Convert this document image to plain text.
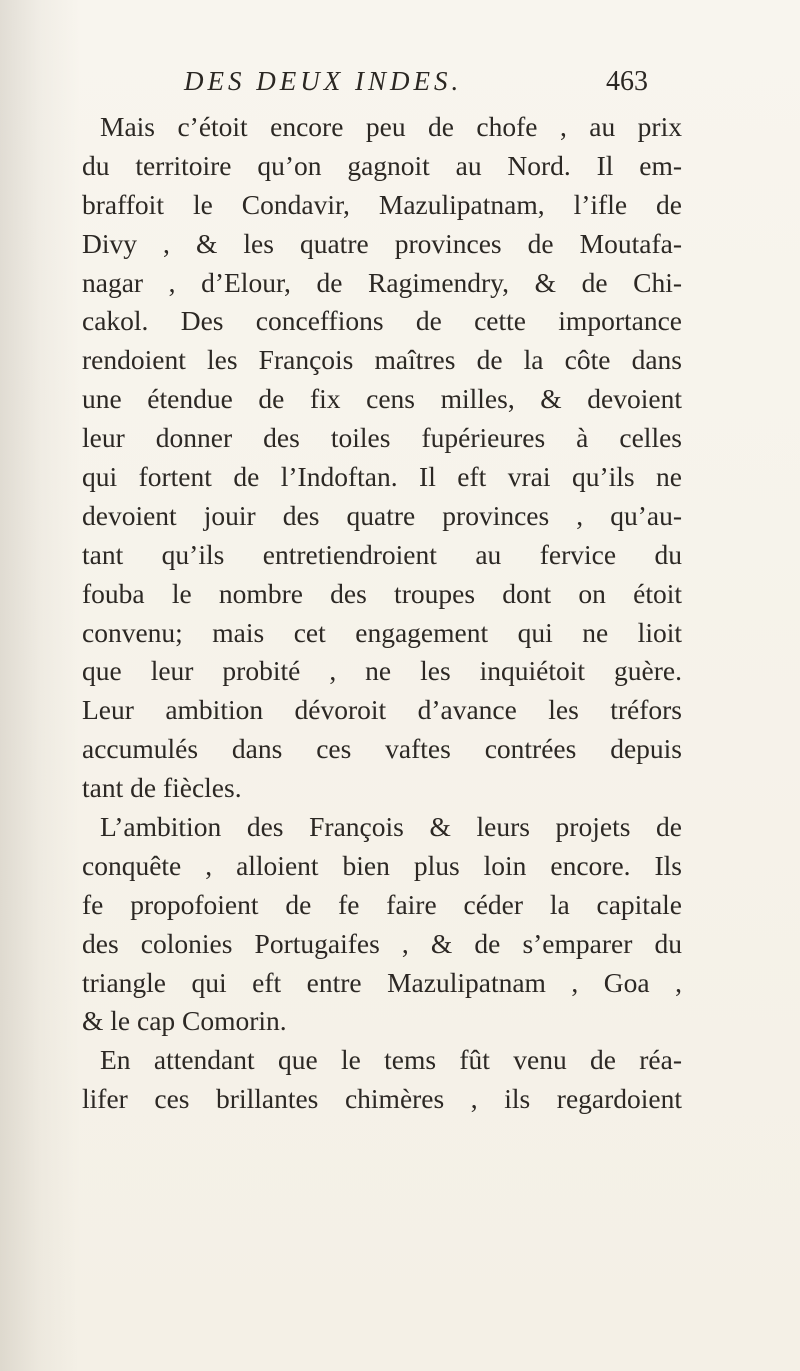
DES DEUX INDES.	463
Mais c’étoit encore peu de chofe , au prix
du territoire qu’on gagnoit au Nord. Il em-
braffoit le Condavir, Mazulipatnam, l’ifle de
Divy , & les quatre provinces de Moutafa-
nagar , d’Elour, de Ragimendry, & de Chi-
cakol. Des conceffions de cette importance
rendoient les François maîtres de la côte dans
une étendue de fix cens milles, & devoient
leur donner des toiles fupérieures à celles
qui fortent de l’Indoftan. Il eft vrai qu’ils ne
devoient jouir des quatre provinces , qu’au-
tant qu’ils entretiendroient au fervice du
fouba le nombre des troupes dont on étoit
convenu; mais cet engagement qui ne lioit
que leur probité , ne les inquiétoit guère.
Leur ambition dévoroit d’avance les tréfors
accumulés dans ces vaftes contrées depuis
tant de fiècles.
L’ambition des François & leurs projets de
conquête , alloient bien plus loin encore. Ils
fe propofoient de fe faire céder la capitale
des colonies Portugaifes , & de s’emparer du
triangle qui eft entre Mazulipatnam , Goa ,
& le cap Comorin.
En attendant que le tems fût venu de réa-
lifer ces brillantes chimères , ils regardoient
